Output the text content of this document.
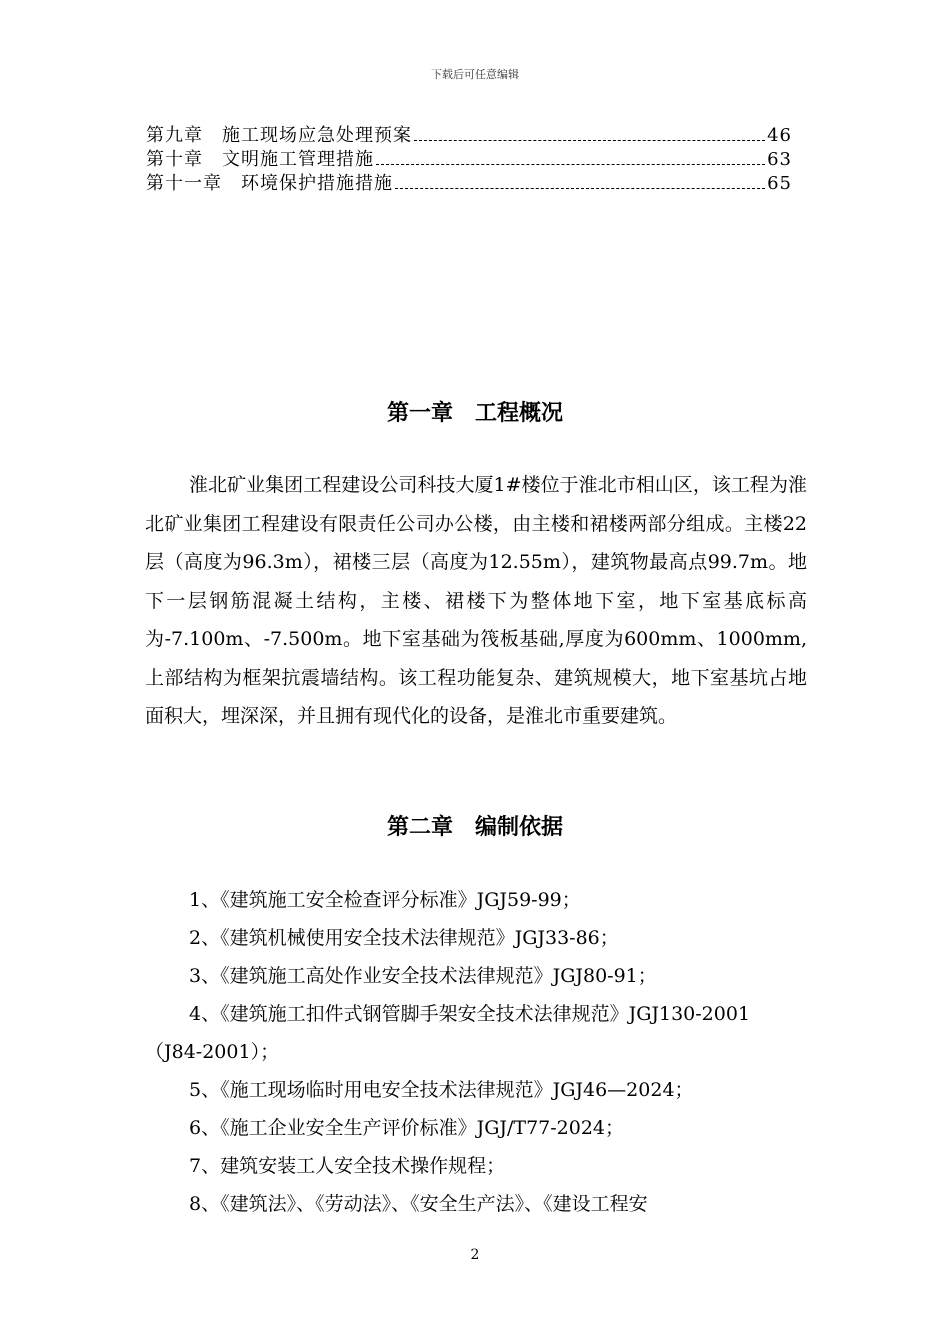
下载后可任意编辑
第九章　施工现场应急处理预案	46
第十章　文明施工管理措施	63
第十一章　环境保护措施措施	65
第一章　工程概况

淮北矿业集团工程建设公司科技大厦1#楼位于淮北市相山区，该工程为淮北矿业集团工程建设有限责任公司办公楼，由主楼和裙楼两部分组成。主楼22层（高度为96.3m），裙楼三层（高度为12.55m），建筑物最高点99.7m。地下一层钢筋混凝土结构，主楼、裙楼下为整体地下室，地下室基底标高为-7.100m、-7.500m。地下室基础为筏板基础,厚度为600mm、1000mm,上部结构为框架抗震墙结构。该工程功能复杂、建筑规模大，地下室基坑占地面积大，埋深深，并且拥有现代化的设备，是淮北市重要建筑。

第二章　编制依据

1、《建筑施工安全检查评分标准》JGJ59-99；

2、《建筑机械使用安全技术法律规范》JGJ33-86；

3、《建筑施工高处作业安全技术法律规范》JGJ80-91；

4、《建筑施工扣件式钢管脚手架安全技术法律规范》JGJ130-2001（J84-2001）；

5、《施工现场临时用电安全技术法律规范》JGJ46—2024；

6、《施工企业安全生产评价标准》JGJ/T77-2024；

7、建筑安装工人安全技术操作规程；

8、《建筑法》、《劳动法》、《安全生产法》、《建设工程安

2
